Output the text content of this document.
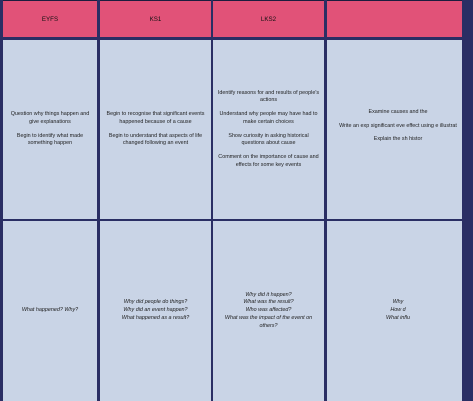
EYFS	KS1	LKS2

Question why things happen and give explanations

Begin to identify what made something happen

Begin to recognise that significant events happened because of a cause

Begin to understand that aspects of life changed following an event

Identify reasons for and results of people's actions

Understand why people may have had to make certain choices

Show curiosity in asking historical questions about cause

Comment on the importance of cause and effects for some key events

Examine causes and the

Write an exp significant eve effect using e illustrat

Explain the sh histor

What happened? Why?

Why did people do things?
Why did an event happen?
What happened as a result?
Why did it happen?
What was the result?
Who was affected?
What was the impact of the event on others?
Why
How d
What influ
